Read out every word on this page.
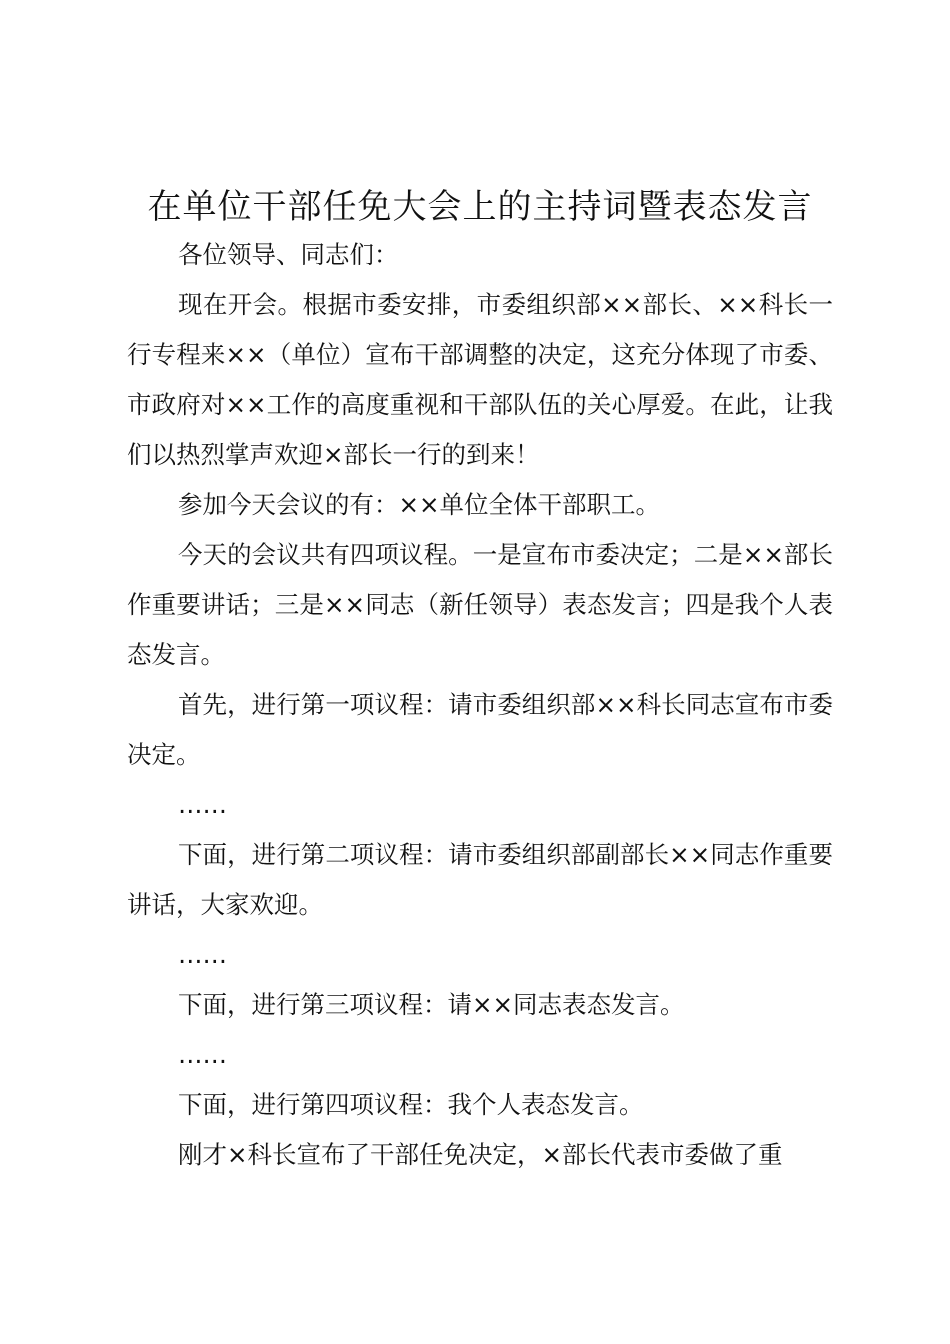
在单位干部任免大会上的主持词暨表态发言

各位领导、同志们：

现在开会。根据市委安排，市委组织部××部长、××科长一行专程来××（单位）宣布干部调整的决定，这充分体现了市委、市政府对××工作的高度重视和干部队伍的关心厚爱。在此，让我们以热烈掌声欢迎×部长一行的到来！

参加今天会议的有：××单位全体干部职工。

今天的会议共有四项议程。一是宣布市委决定；二是××部长作重要讲话；三是××同志（新任领导）表态发言；四是我个人表态发言。

首先，进行第一项议程：请市委组织部××科长同志宣布市委决定。

……

下面，进行第二项议程：请市委组织部副部长××同志作重要讲话，大家欢迎。

……

下面，进行第三项议程：请××同志表态发言。

……

下面，进行第四项议程：我个人表态发言。

刚才×科长宣布了干部任免决定，×部长代表市委做了重
